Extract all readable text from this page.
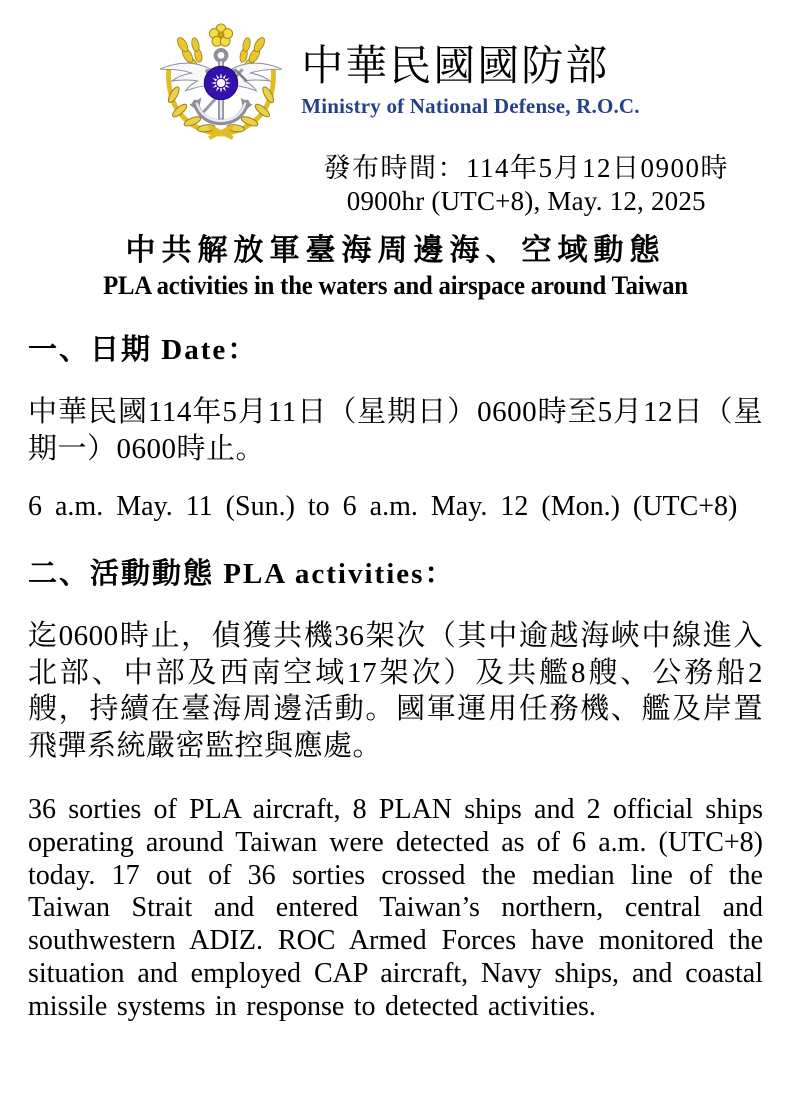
中華民國國防部
Ministry of National Defense, R.O.C.
發布時間：114年5月12日0900時
0900hr (UTC+8), May. 12, 2025
中共解放軍臺海周邊海、空域動態
PLA activities in the waters and airspace around Taiwan
一、日期 Date：

中華民國114年5月11日（星期日）0600時至5月12日（星期一）0600時止。

6 a.m. May. 11 (Sun.) to 6 a.m. May. 12 (Mon.) (UTC+8)

二、活動動態 PLA activities：

迄0600時止，偵獲共機36架次（其中逾越海峽中線進入北部、中部及西南空域17架次）及共艦8艘、公務船2艘，持續在臺海周邊活動。國軍運用任務機、艦及岸置飛彈系統嚴密監控與應處。

36 sorties of PLA aircraft, 8 PLAN ships and 2 official ships operating around Taiwan were detected as of 6 a.m. (UTC+8) today. 17 out of 36 sorties crossed the median line of the Taiwan Strait and entered Taiwan’s northern, central and southwestern ADIZ. ROC Armed Forces have monitored the situation and employed CAP aircraft, Navy ships, and coastal missile systems in response to detected activities.
